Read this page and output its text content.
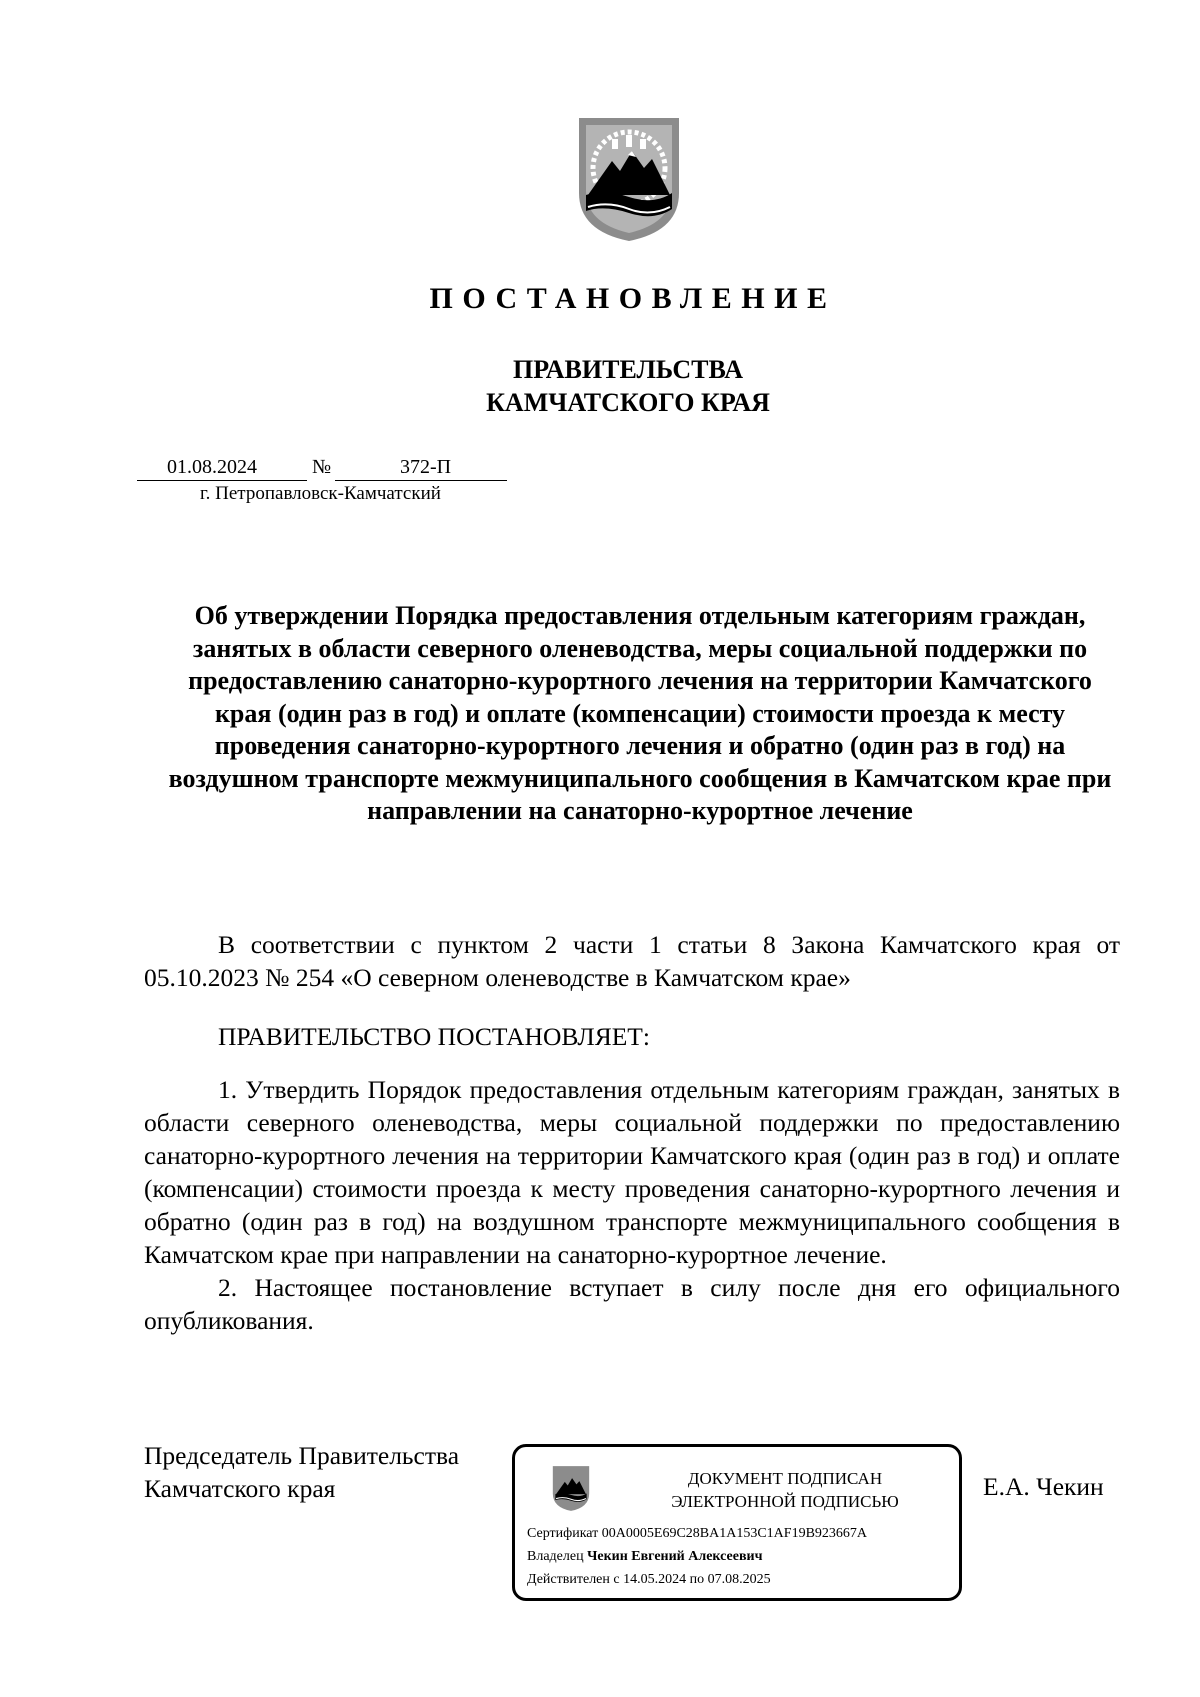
ПОСТАНОВЛЕНИЕ
ПРАВИТЕЛЬСТВА
КАМЧАТСКОГО КРАЯ
01.08.2024	№	372-П
г. Петропавловск-Камчатский
Об утверждении Порядка предоставления отдельным категориям граждан, занятых в области северного оленеводства, меры социальной поддержки по предоставлению санаторно-курортного лечения на территории Камчатского края (один раз в год) и оплате (компенсации) стоимости проезда к месту проведения санаторно-курортного лечения и обратно (один раз в год) на воздушном транспорте межмуниципального сообщения в Камчатском крае при направлении на санаторно-курортное лечение

В соответствии с пунктом 2 части 1 статьи 8 Закона Камчатского края от 05.10.2023 № 254 «О северном оленеводстве в Камчатском крае»

ПРАВИТЕЛЬСТВО ПОСТАНОВЛЯЕТ:

1. Утвердить Порядок предоставления отдельным категориям граждан, занятых в области северного оленеводства, меры социальной поддержки по предоставлению санаторно-курортного лечения на территории Камчатского края (один раз в год) и оплате (компенсации) стоимости проезда к месту проведения санаторно-курортного лечения и обратно (один раз в год) на воздушном транспорте межмуниципального сообщения в Камчатском крае при направлении на санаторно-курортное лечение.

2. Настоящее постановление вступает в силу после дня его официального опубликования.

Председатель Правительства
Камчатского края	ДОКУМЕНТ ПОДПИСАН
ЭЛЕКТРОННОЙ ПОДПИСЬЮ
Сертификат 00A0005E69C28BA1A153C1AF19B923667A
Владелец Чекин Евгений Алексеевич
Действителен с 14.05.2024 по 07.08.2025
Е.А. Чекин
